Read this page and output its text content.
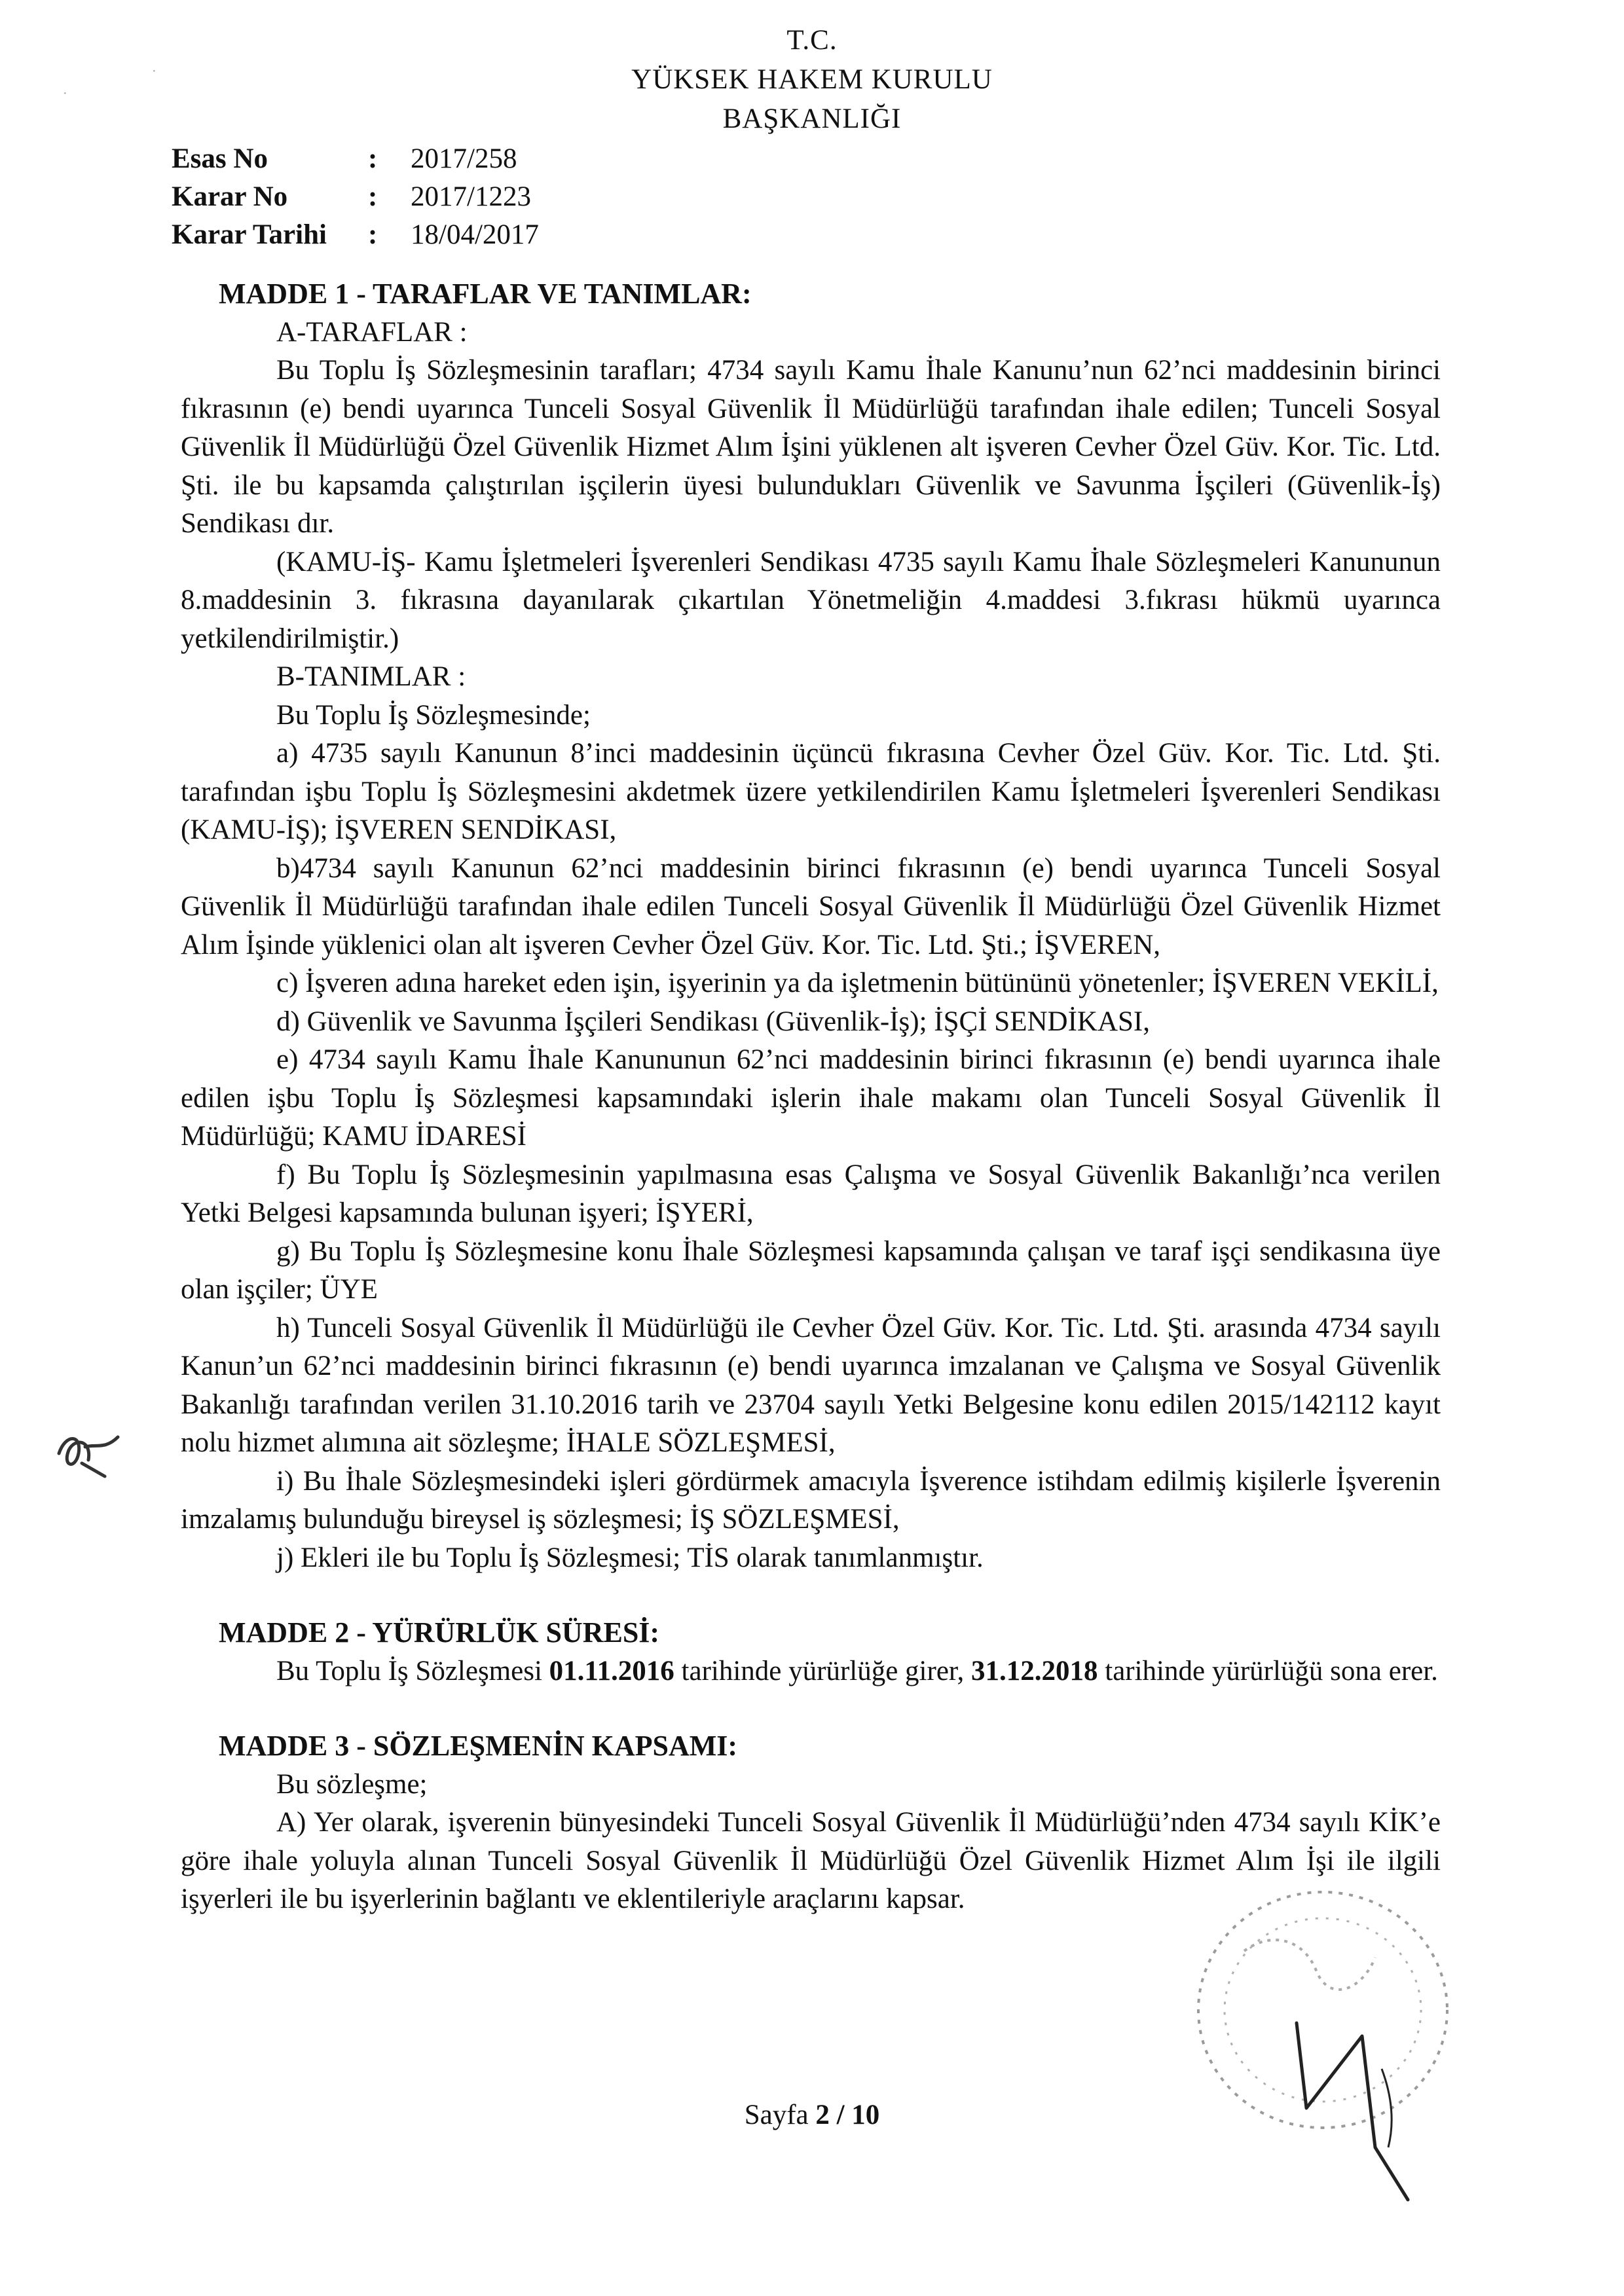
T.C.
YÜKSEK HAKEM KURULU
BAŞKANLIĞI
Esas No	:	2017/258
Karar No	:	2017/1223
Karar Tarihi	:	18/04/2017

MADDE 1 - TARAFLAR VE TANIMLAR:

A-TARAFLAR :

Bu Toplu İş Sözleşmesinin tarafları; 4734 sayılı Kamu İhale Kanunu’nun 62’nci maddesinin birinci fıkrasının (e) bendi uyarınca Tunceli Sosyal Güvenlik İl Müdürlüğü tarafından ihale edilen; Tunceli Sosyal Güvenlik İl Müdürlüğü Özel Güvenlik Hizmet Alım İşini yüklenen alt işveren Cevher Özel Güv. Kor. Tic. Ltd. Şti. ile bu kapsamda çalıştırılan işçilerin üyesi bulundukları Güvenlik ve Savunma İşçileri (Güvenlik-İş) Sendikası dır.

(KAMU-İŞ- Kamu İşletmeleri İşverenleri Sendikası 4735 sayılı Kamu İhale Sözleşmeleri Kanununun 8.maddesinin 3. fıkrasına dayanılarak çıkartılan Yönetmeliğin 4.maddesi 3.fıkrası hükmü uyarınca yetkilendirilmiştir.)

B-TANIMLAR :

Bu Toplu İş Sözleşmesinde;

a) 4735 sayılı Kanunun 8’inci maddesinin üçüncü fıkrasına Cevher Özel Güv. Kor. Tic. Ltd. Şti. tarafından işbu Toplu İş Sözleşmesini akdetmek üzere yetkilendirilen Kamu İşletmeleri İşverenleri Sendikası (KAMU-İŞ); İŞVEREN SENDİKASI,

b)4734 sayılı Kanunun 62’nci maddesinin birinci fıkrasının (e) bendi uyarınca Tunceli Sosyal Güvenlik İl Müdürlüğü tarafından ihale edilen Tunceli Sosyal Güvenlik İl Müdürlüğü Özel Güvenlik Hizmet Alım İşinde yüklenici olan alt işveren Cevher Özel Güv. Kor. Tic. Ltd. Şti.; İŞVEREN,

c) İşveren adına hareket eden işin, işyerinin ya da işletmenin bütününü yönetenler; İŞVEREN VEKİLİ,

d) Güvenlik ve Savunma İşçileri Sendikası (Güvenlik-İş); İŞÇİ SENDİKASI,

e) 4734 sayılı Kamu İhale Kanununun 62’nci maddesinin birinci fıkrasının (e) bendi uyarınca ihale edilen işbu Toplu İş Sözleşmesi kapsamındaki işlerin ihale makamı olan Tunceli Sosyal Güvenlik İl Müdürlüğü; KAMU İDARESİ

f) Bu Toplu İş Sözleşmesinin yapılmasına esas Çalışma ve Sosyal Güvenlik Bakanlığı’nca verilen Yetki Belgesi kapsamında bulunan işyeri; İŞYERİ,

g) Bu Toplu İş Sözleşmesine konu İhale Sözleşmesi kapsamında çalışan ve taraf işçi sendikasına üye olan işçiler; ÜYE

h) Tunceli Sosyal Güvenlik İl Müdürlüğü ile Cevher Özel Güv. Kor. Tic. Ltd. Şti. arasında 4734 sayılı Kanun’un 62’nci maddesinin birinci fıkrasının (e) bendi uyarınca imzalanan ve Çalışma ve Sosyal Güvenlik Bakanlığı tarafından verilen 31.10.2016 tarih ve 23704 sayılı Yetki Belgesine konu edilen 2015/142112 kayıt nolu hizmet alımına ait sözleşme; İHALE SÖZLEŞMESİ,

i) Bu İhale Sözleşmesindeki işleri gördürmek amacıyla İşverence istihdam edilmiş kişilerle İşverenin imzalamış bulunduğu bireysel iş sözleşmesi; İŞ SÖZLEŞMESİ,

j) Ekleri ile bu Toplu İş Sözleşmesi; TİS olarak tanımlanmıştır.

MADDE 2 - YÜRÜRLÜK SÜRESİ:

Bu Toplu İş Sözleşmesi 01.11.2016 tarihinde yürürlüğe girer, 31.12.2018 tarihinde yürürlüğü sona erer.

MADDE 3 - SÖZLEŞMENİN KAPSAMI:

Bu sözleşme;

A) Yer olarak, işverenin bünyesindeki Tunceli Sosyal Güvenlik İl Müdürlüğü’nden 4734 sayılı KİK’e göre ihale yoluyla alınan Tunceli Sosyal Güvenlik İl Müdürlüğü Özel Güvenlik Hizmet Alım İşi ile ilgili işyerleri ile bu işyerlerinin bağlantı ve eklentileriyle araçlarını kapsar.

Sayfa 2 / 10
·
·
